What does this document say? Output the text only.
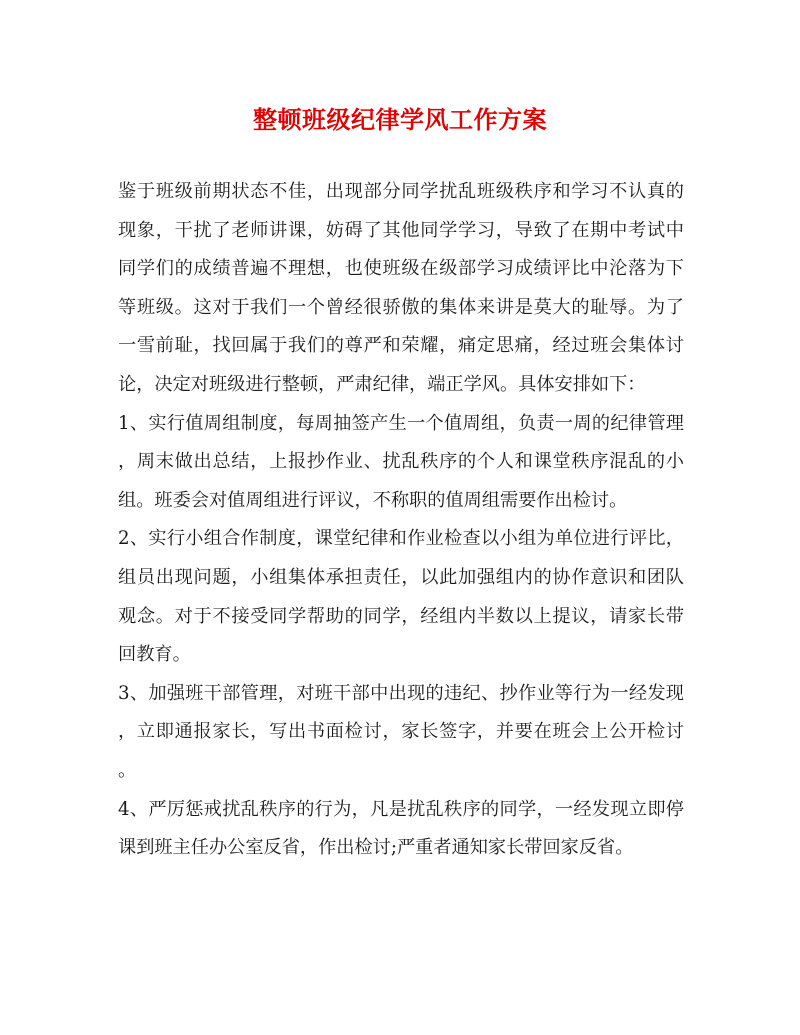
整顿班级纪律学风工作方案
鉴于班级前期状态不佳，出现部分同学扰乱班级秩序和学习不认真的
现象，干扰了老师讲课，妨碍了其他同学学习，导致了在期中考试中
同学们的成绩普遍不理想，也使班级在级部学习成绩评比中沦落为下
等班级。这对于我们一个曾经很骄傲的集体来讲是莫大的耻辱。为了
一雪前耻，找回属于我们的尊严和荣耀，痛定思痛，经过班会集体讨
论，决定对班级进行整顿，严肃纪律，端正学风。具体安排如下：
1、实行值周组制度，每周抽签产生一个值周组，负责一周的纪律管理
，周末做出总结，上报抄作业、扰乱秩序的个人和课堂秩序混乱的小
组。班委会对值周组进行评议，不称职的值周组需要作出检讨。
2、实行小组合作制度，课堂纪律和作业检查以小组为单位进行评比，
组员出现问题，小组集体承担责任，以此加强组内的协作意识和团队
观念。对于不接受同学帮助的同学，经组内半数以上提议，请家长带
回教育。
3、加强班干部管理，对班干部中出现的违纪、抄作业等行为一经发现
，立即通报家长，写出书面检讨，家长签字，并要在班会上公开检讨
。
4、严厉惩戒扰乱秩序的行为，凡是扰乱秩序的同学，一经发现立即停
课到班主任办公室反省，作出检讨;严重者通知家长带回家反省。
